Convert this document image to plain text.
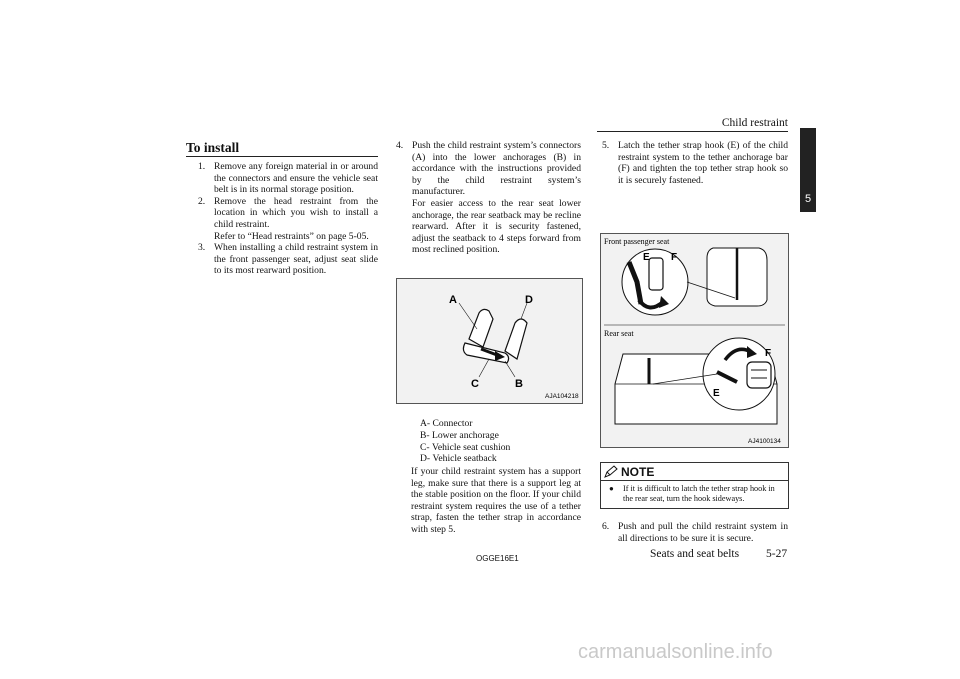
Child restraint
5
To install
1. Remove any foreign material in or around the connectors and ensure the vehicle seat belt is in its normal storage position.

2. Remove the head restraint from the location in which you wish to install a child restraint.

Refer to “Head restraints” on page 5-05.

3. When installing a child restraint system in the front passenger seat, adjust seat slide to its most rearward position.

4. Push the child restraint system’s connectors (A) into the lower anchorages (B) in accordance with the instructions provided by the child restraint system’s manufacturer.

For easier access to the rear seat lower anchorage, the rear seatback may be recline rearward. After it is security fastened, adjust the seatback to 4 steps forward from most reclined position.

A	D
C	B
AJA104218
A- Connector
B- Lower anchorage
C- Vehicle seat cushion
D- Vehicle seatback
If your child restraint system has a support leg, make sure that there is a support leg at the stable position on the floor. If your child restraint system requires the use of a tether strap, fasten the tether strap in accordance with step 5.
5. Latch the tether strap hook (E) of the child restraint system to the tether anchorage bar (F) and tighten the top tether strap hook so it is securely fastened.

Front passenger seat
Rear seat
E F
E
F
AJ4100134
NOTE
● If it is difficult to latch the tether strap hook in the rear seat, turn the hook sideways.
6. Push and pull the child restraint system in all directions to be sure it is secure.

OGGE16E1	Seats and seat belts 5-27
carmanualsonline.info
